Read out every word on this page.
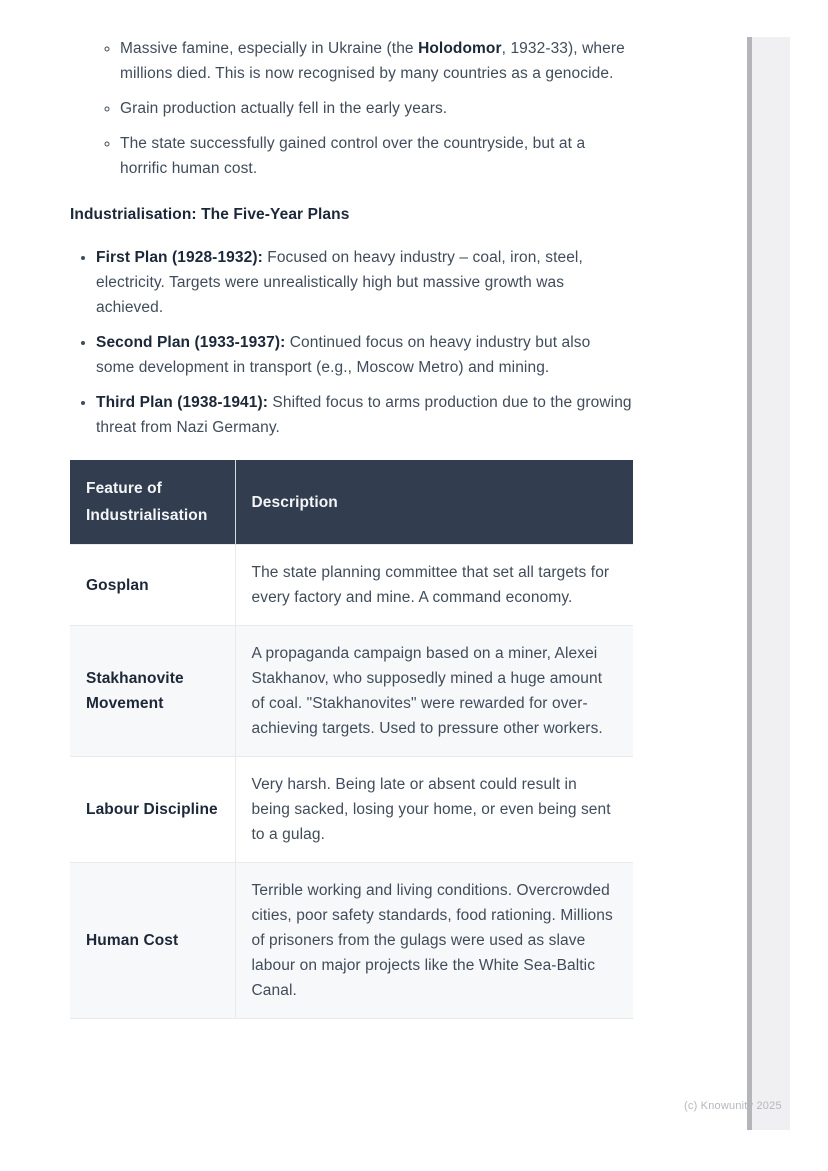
◦ Massive famine, especially in Ukraine (the Holodomor, 1932-33), where millions died. This is now recognised by many countries as a genocide.
◦ Grain production actually fell in the early years.
◦ The state successfully gained control over the countryside, but at a horrific human cost.
Industrialisation: The Five-Year Plans
• First Plan (1928-1932): Focused on heavy industry – coal, iron, steel, electricity. Targets were unrealistically high but massive growth was achieved.
• Second Plan (1933-1937): Continued focus on heavy industry but also some development in transport (e.g., Moscow Metro) and mining.
• Third Plan (1938-1941): Shifted focus to arms production due to the growing threat from Nazi Germany.
Feature of Industrialisation	Description
Gosplan	The state planning committee that set all targets for every factory and mine. A command economy.
Stakhanovite Movement	A propaganda campaign based on a miner, Alexei Stakhanov, who supposedly mined a huge amount of coal. "Stakhanovites" were rewarded for over-achieving targets. Used to pressure other workers.
Labour Discipline	Very harsh. Being late or absent could result in being sacked, losing your home, or even being sent to a gulag.
Human Cost	Terrible working and living conditions. Overcrowded cities, poor safety standards, food rationing. Millions of prisoners from the gulags were used as slave labour on major projects like the White Sea-Baltic Canal.
(c) Knowunity 2025
